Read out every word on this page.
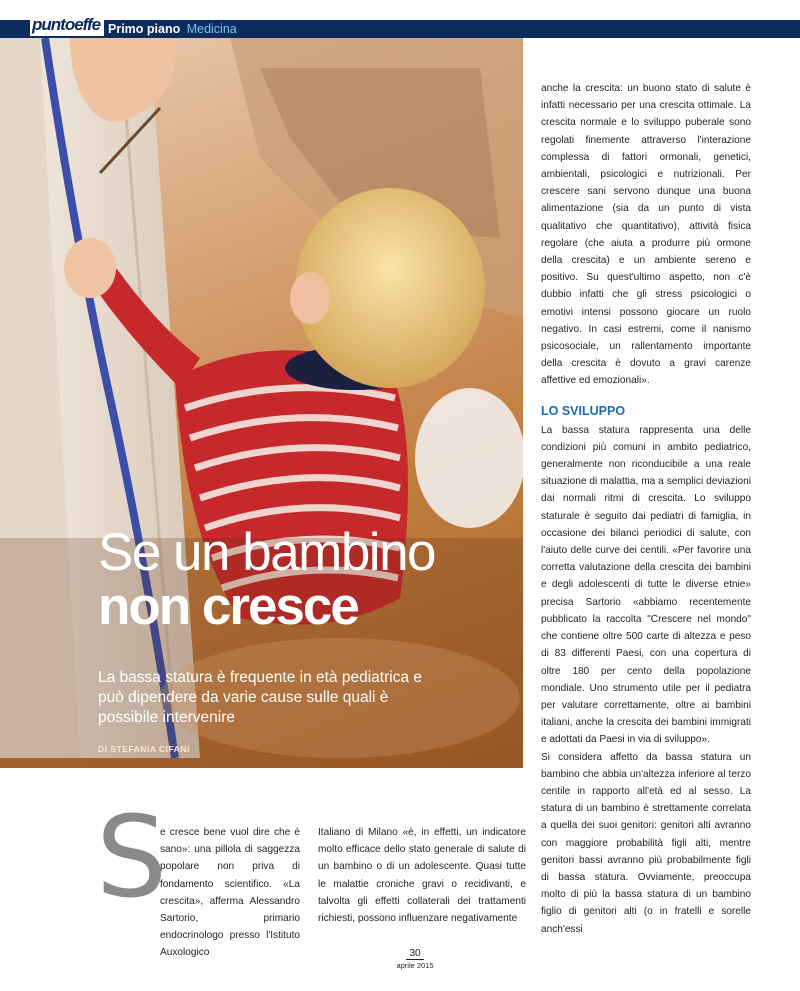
puntoeffe Primo piano Medicina
Se un bambino
non cresce
La bassa statura è frequente in età pediatrica e può dipendere da varie cause sulle quali è possibile intervenire
DI STEFANIA CIFANI

anche la crescita: un buono stato di salute è infatti necessario per una crescita ottimale. La crescita normale e lo sviluppo puberale sono regolati finemente attraverso l'interazione complessa di fattori ormonali, genetici, ambientali, psicologici e nutrizionali. Per crescere sani servono dunque una buona alimentazione (sia da un punto di vista qualitativo che quantitativo), attività fisica regolare (che aiuta a produrre più ormone della crescita) e un ambiente sereno e positivo. Su quest'ultimo aspetto, non c'è dubbio infatti che gli stress psicologici o emotivi intensi possono giocare un ruolo negativo. In casi estremi, come il nanismo psicosociale, un rallentamento importante della crescita è dovuto a gravi carenze affettive ed emozionali».

LO SVILUPPO

La bassa statura rappresenta una delle condizioni più comuni in ambito pediatrico, generalmente non riconducibile a una reale situazione di malattia, ma a semplici deviazioni dai normali ritmi di crescita. Lo sviluppo staturale è seguito dai pediatri di famiglia, in occasione dei bilanci periodici di salute, con l'aiuto delle curve dei centili. «Per favorire una corretta valutazione della crescita dei bambini e degli adolescenti di tutte le diverse etnie» precisa Sartorio «abbiamo recentemente pubblicato la raccolta "Crescere nel mondo" che contiene oltre 500 carte di altezza e peso di 83 differenti Paesi, con una copertura di oltre 180 per cento della popolazione mondiale. Uno strumento utile per il pediatra per valutare correttamente, oltre ai bambini italiani, anche la crescita dei bambini immigrati e adottati da Paesi in via di sviluppo».

Si considera affetto da bassa statura un bambino che abbia un'altezza inferiore al terzo centile in rapporto all'età ed al sesso. La statura di un bambino è strettamente correlata a quella dei suoi genitori: genitori alti avranno con maggiore probabilità figli alti, mentre genitori bassi avranno più probabilmente figli di bassa statura. Ovviamente, preoccupa molto di più la bassa statura di un bambino figlio di genitori alti (o in fratelli e sorelle anch'essi

S

e cresce bene vuol dire che è sano»: una pillola di saggezza popolare non priva di fondamento scientifico. «La crescita», afferma Alessandro Sartorio, primario endocrinologo presso l'Istituto Auxologico

Italiano di Milano «è, in effetti, un indicatore molto efficace dello stato generale di salute di un bambino o di un adolescente. Quasi tutte le malattie croniche gravi o recidivanti, e talvolta gli effetti collaterali dei trattamenti richiesti, possono influenzare negativamente

30
aprile 2015
